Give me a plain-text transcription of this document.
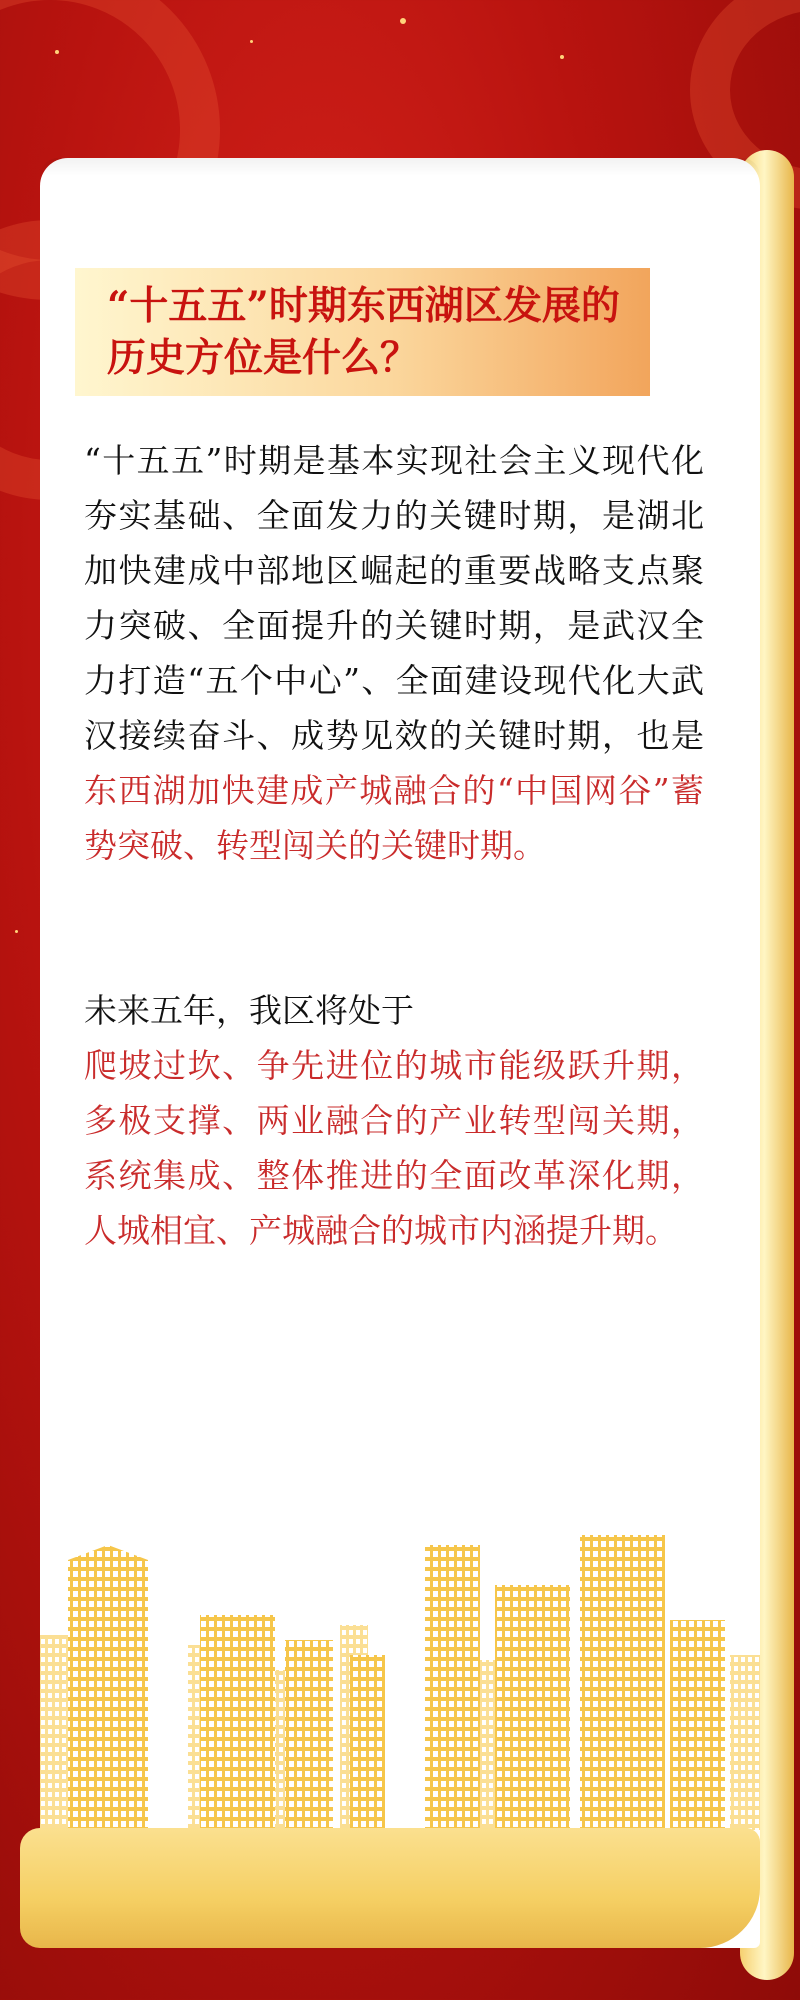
“十五五”时期东西湖区发展的历史方位是什么？

“十五五”时期是基本实现社会主义现代化夯实基础、全面发力的关键时期，是湖北加快建成中部地区崛起的重要战略支点聚力突破、全面提升的关键时期，是武汉全力打造“五个中心”、全面建设现代化大武汉接续奋斗、成势见效的关键时期，也是东西湖加快建成产城融合的“中国网谷”蓄势突破、转型闯关的关键时期。

未来五年，我区将处于
爬坡过坎、争先进位的城市能级跃升期，多极支撑、两业融合的产业转型闯关期，系统集成、整体推进的全面改革深化期，人城相宜、产城融合的城市内涵提升期。
